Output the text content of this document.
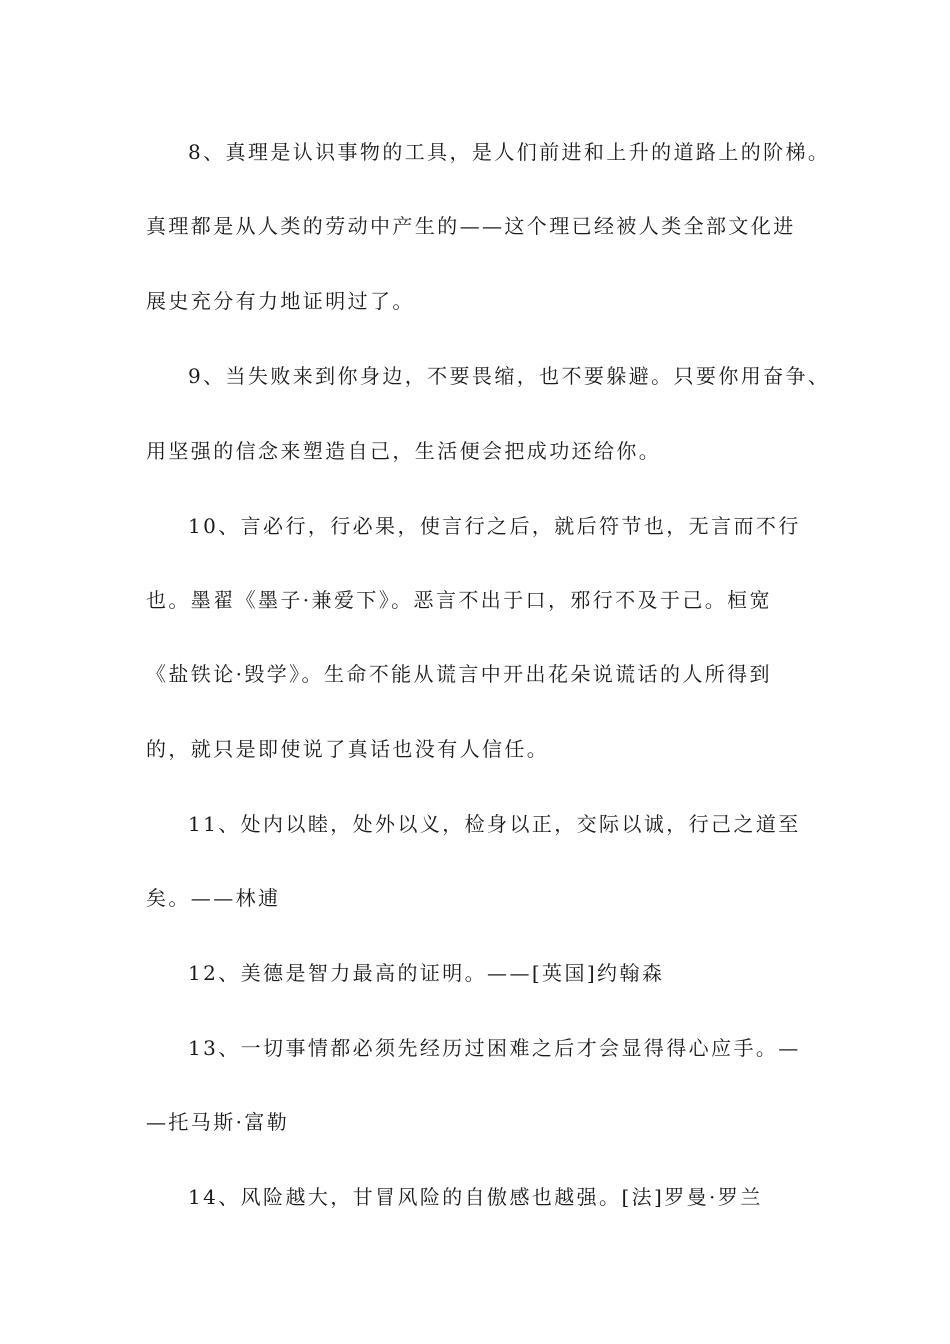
8、真理是认识事物的工具，是人们前进和上升的道路上的阶梯。
真理都是从人类的劳动中产生的——这个理已经被人类全部文化进
展史充分有力地证明过了。
9、当失败来到你身边，不要畏缩，也不要躲避。只要你用奋争、
用坚强的信念来塑造自己，生活便会把成功还给你。
10、言必行，行必果，使言行之后，就后符节也，无言而不行
也。墨翟《墨子·兼爱下》。恶言不出于口，邪行不及于己。桓宽
《盐铁论·毁学》。生命不能从谎言中开出花朵说谎话的人所得到
的，就只是即使说了真话也没有人信任。
11、处内以睦，处外以义，检身以正，交际以诚，行己之道至
矣。——林逋
12、美德是智力最高的证明。——[英国]约翰森
13、一切事情都必须先经历过困难之后才会显得得心应手。—
—托马斯·富勒
14、风险越大，甘冒风险的自傲感也越强。[法]罗曼·罗兰
